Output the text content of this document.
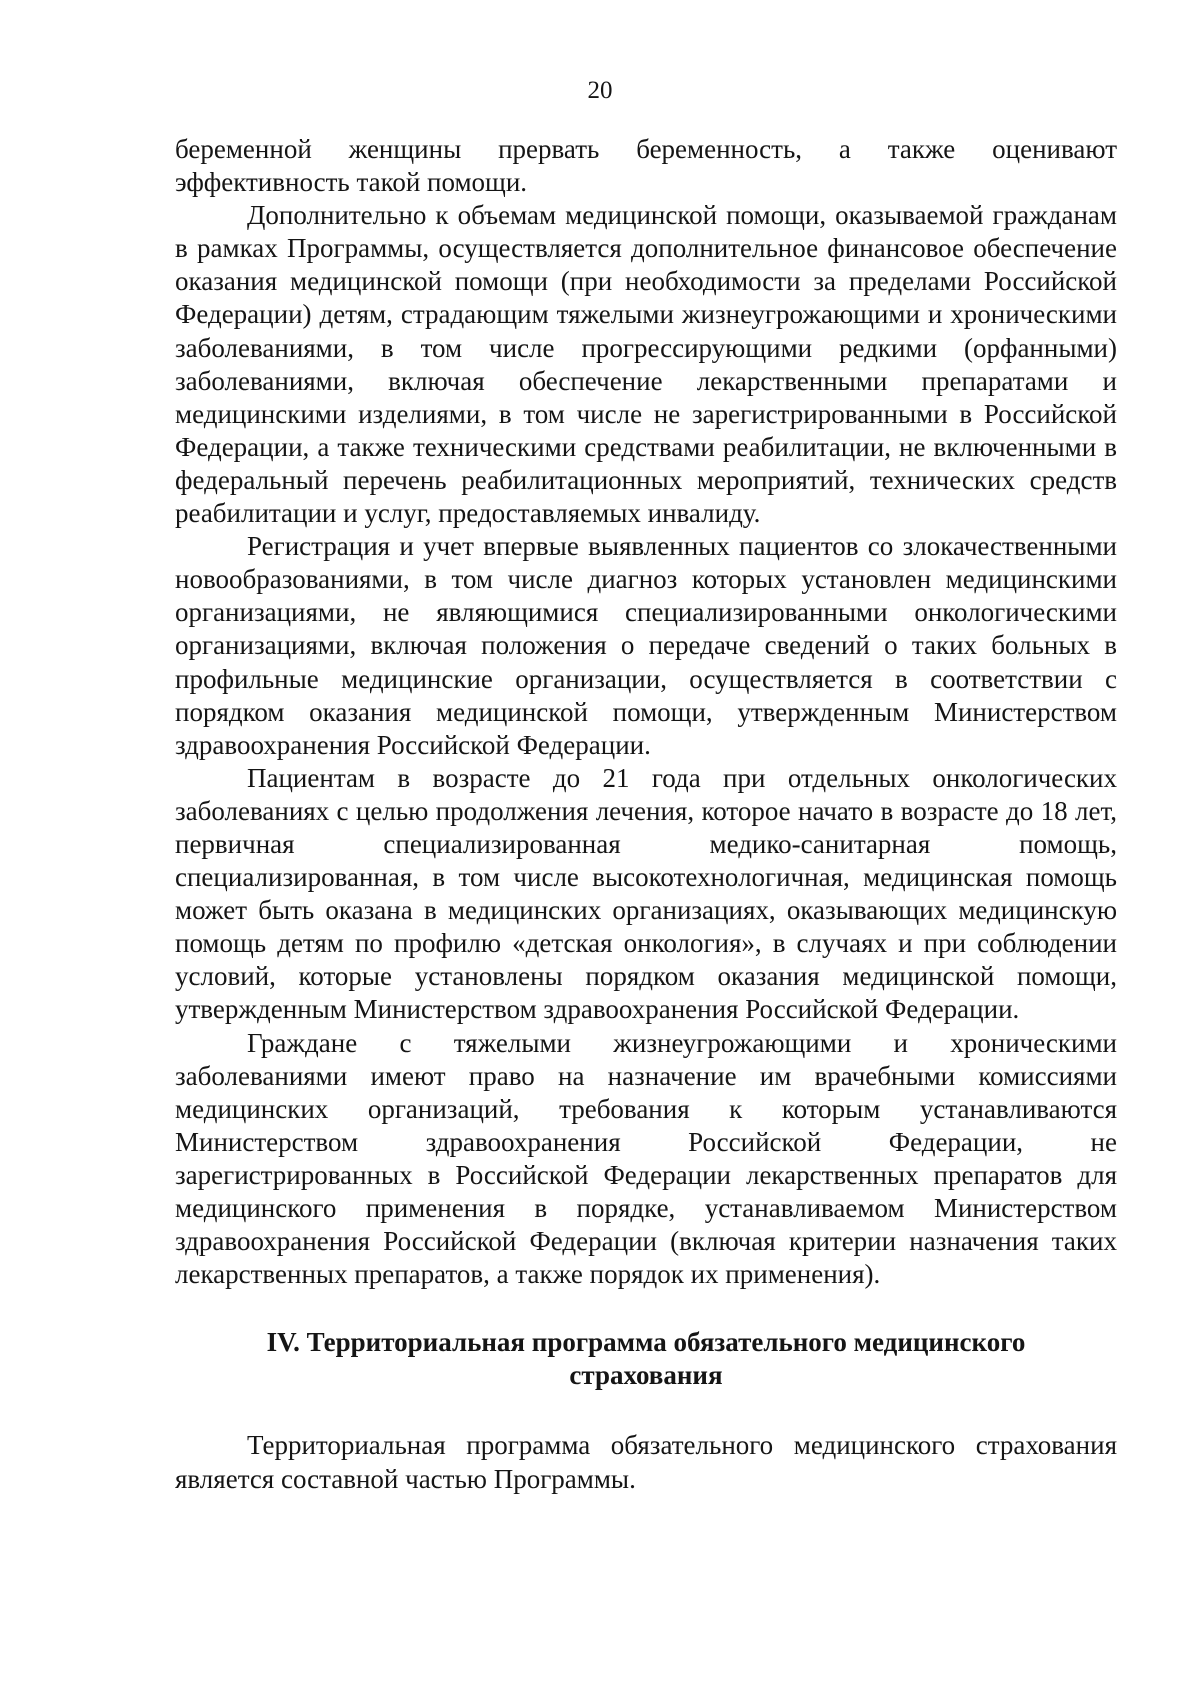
20

беременной женщины прервать беременность, а также оценивают эффективность такой помощи.

Дополнительно к объемам медицинской помощи, оказываемой гражданам в рамках Программы, осуществляется дополнительное финансовое обеспечение оказания медицинской помощи (при необходимости за пределами Российской Федерации) детям, страдающим тяжелыми жизнеугрожающими и хроническими заболеваниями, в том числе прогрессирующими редкими (орфанными) заболеваниями, включая обеспечение лекарственными препаратами и медицинскими изделиями, в том числе не зарегистрированными в Российской Федерации, а также техническими средствами реабилитации, не включенными в федеральный перечень реабилитационных мероприятий, технических средств реабилитации и услуг, предоставляемых инвалиду.

Регистрация и учет впервые выявленных пациентов со злокачественными новообразованиями, в том числе диагноз которых установлен медицинскими организациями, не являющимися специализированными онкологическими организациями, включая положения о передаче сведений о таких больных в профильные медицинские организации, осуществляется в соответствии с порядком оказания медицинской помощи, утвержденным Министерством здравоохранения Российской Федерации.

Пациентам в возрасте до 21 года при отдельных онкологических заболеваниях с целью продолжения лечения, которое начато в возрасте до 18 лет, первичная специализированная медико-санитарная помощь, специализированная, в том числе высокотехнологичная, медицинская помощь может быть оказана в медицинских организациях, оказывающих медицинскую помощь детям по профилю «детская онкология», в случаях и при соблюдении условий, которые установлены порядком оказания медицинской помощи, утвержденным Министерством здравоохранения Российской Федерации.

Граждане с тяжелыми жизнеугрожающими и хроническими заболеваниями имеют право на назначение им врачебными комиссиями медицинских организаций, требования к которым устанавливаются Министерством здравоохранения Российской Федерации, не зарегистрированных в Российской Федерации лекарственных препаратов для медицинского применения в порядке, устанавливаемом Министерством здравоохранения Российской Федерации (включая критерии назначения таких лекарственных препаратов, а также порядок их применения).

IV. Территориальная программа обязательного медицинского
страхования

Территориальная программа обязательного медицинского страхования является составной частью Программы.
